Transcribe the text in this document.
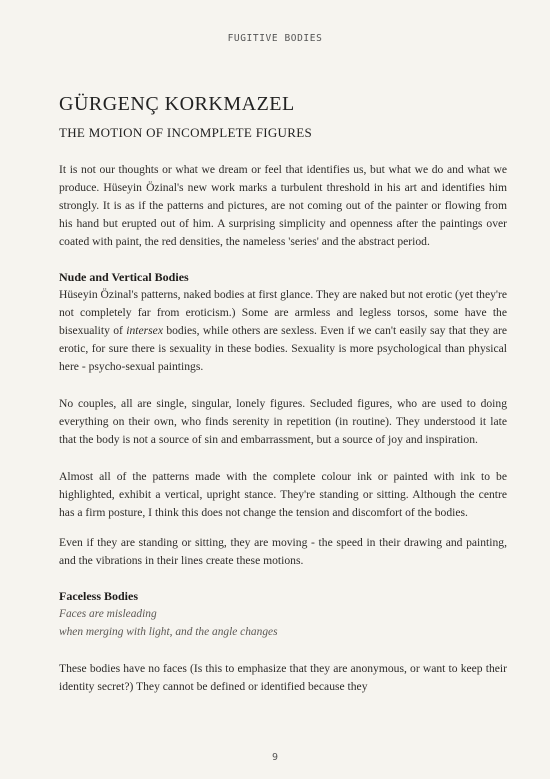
FUGITIVE BODIES
GÜRGENÇ KORKMAZEL
THE MOTION OF INCOMPLETE FIGURES

It is not our thoughts or what we dream or feel that identifies us, but what we do and what we produce. Hüseyin Özinal's new work marks a turbulent threshold in his art and identifies him strongly. It is as if the patterns and pictures, are not coming out of the painter or flowing from his hand but erupted out of him. A surprising simplicity and openness after the paintings over coated with paint, the red densities, the nameless 'series' and the abstract period.

Nude and Vertical Bodies

Hüseyin Özinal's patterns, naked bodies at first glance. They are naked but not erotic (yet they're not completely far from eroticism.) Some are armless and legless torsos, some have the bisexuality of intersex bodies, while others are sexless. Even if we can't easily say that they are erotic, for sure there is sexuality in these bodies. Sexuality is more psychological than physical here - psycho-sexual paintings.

No couples, all are single, singular, lonely figures. Secluded figures, who are used to doing everything on their own, who finds serenity in repetition (in routine). They understood it late that the body is not a source of sin and embarrassment, but a source of joy and inspiration.

Almost all of the patterns made with the complete colour ink or painted with ink to be highlighted, exhibit a vertical, upright stance. They're standing or sitting. Although the centre has a firm posture, I think this does not change the tension and discomfort of the bodies.

Even if they are standing or sitting, they are moving - the speed in their drawing and painting, and the vibrations in their lines create these motions.

Faceless Bodies
Faces are misleading
when merging with light, and the angle changes

These bodies have no faces (Is this to emphasize that they are anonymous, or want to keep their identity secret?) They cannot be defined or identified because they

9
